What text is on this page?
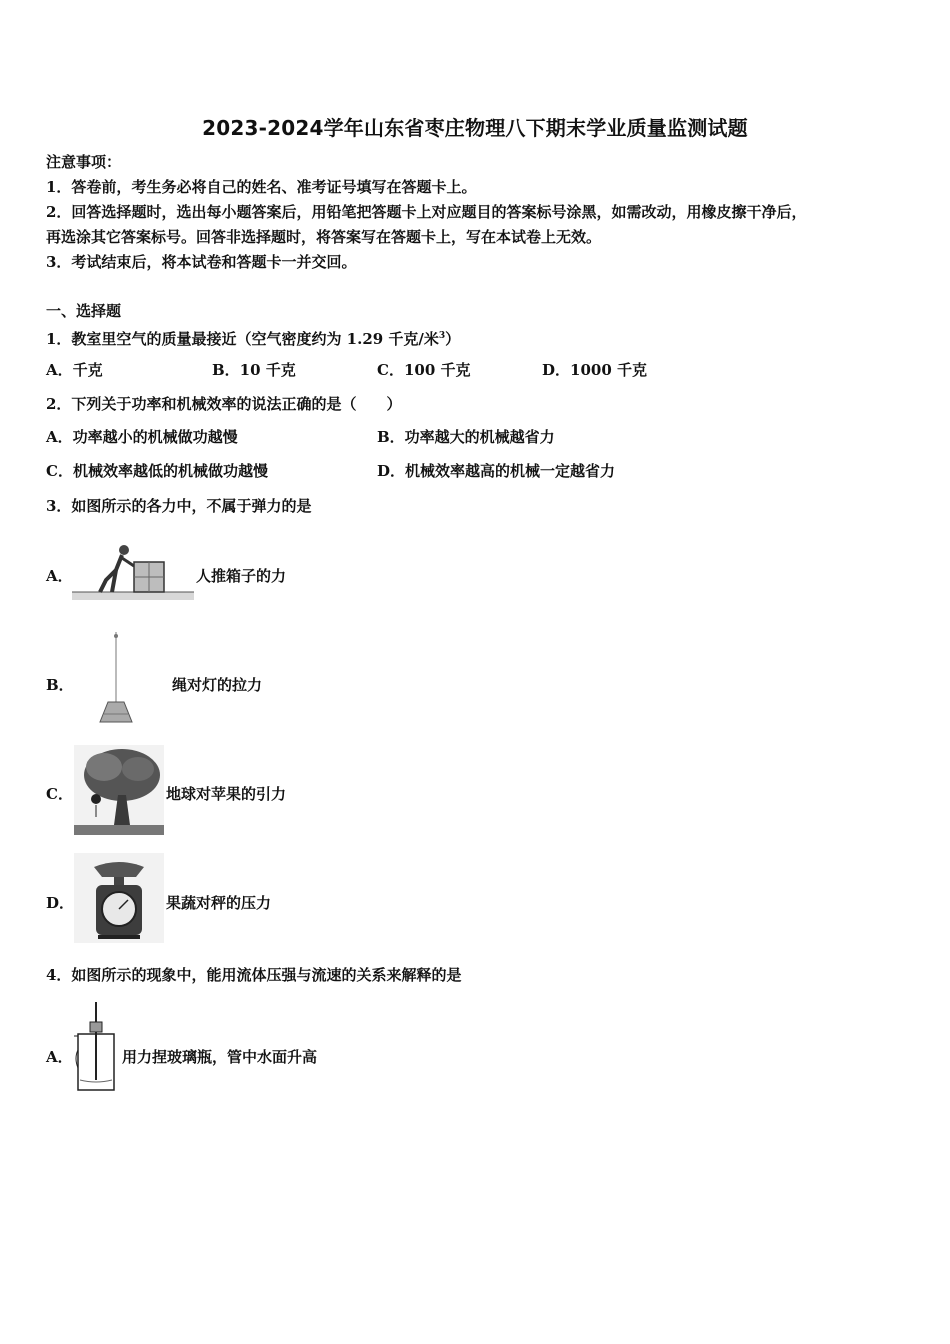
2023-2024学年山东省枣庄物理八下期末学业质量监测试题
注意事项：
1．答卷前，考生务必将自己的姓名、准考证号填写在答题卡上。
2．回答选择题时，选出每小题答案后，用铅笔把答题卡上对应题目的答案标号涂黑，如需改动，用橡皮擦干净后，
再选涂其它答案标号。回答非选择题时，将答案写在答题卡上，写在本试卷上无效。
3．考试结束后，将本试卷和答题卡一并交回。
一、选择题
1．教室里空气的质量最接近（空气密度约为 1.29 千克/米$^3$）
A．千克	B．10 千克	C．100 千克	D．1000 千克
2．下列关于功率和机械效率的说法正确的是（　　）
A．功率越小的机械做功越慢	B．功率越大的机械越省力
C．机械效率越低的机械做功越慢	D．机械效率越高的机械一定越省力
3．如图所示的各力中，不属于弹力的是
A．	人推箱子的力
B．	绳对灯的拉力
C．	地球对苹果的引力
D．	果蔬对秤的压力
4．如图所示的现象中，能用流体压强与流速的关系来解释的是
A．	用力捏玻璃瓶，管中水面升高
